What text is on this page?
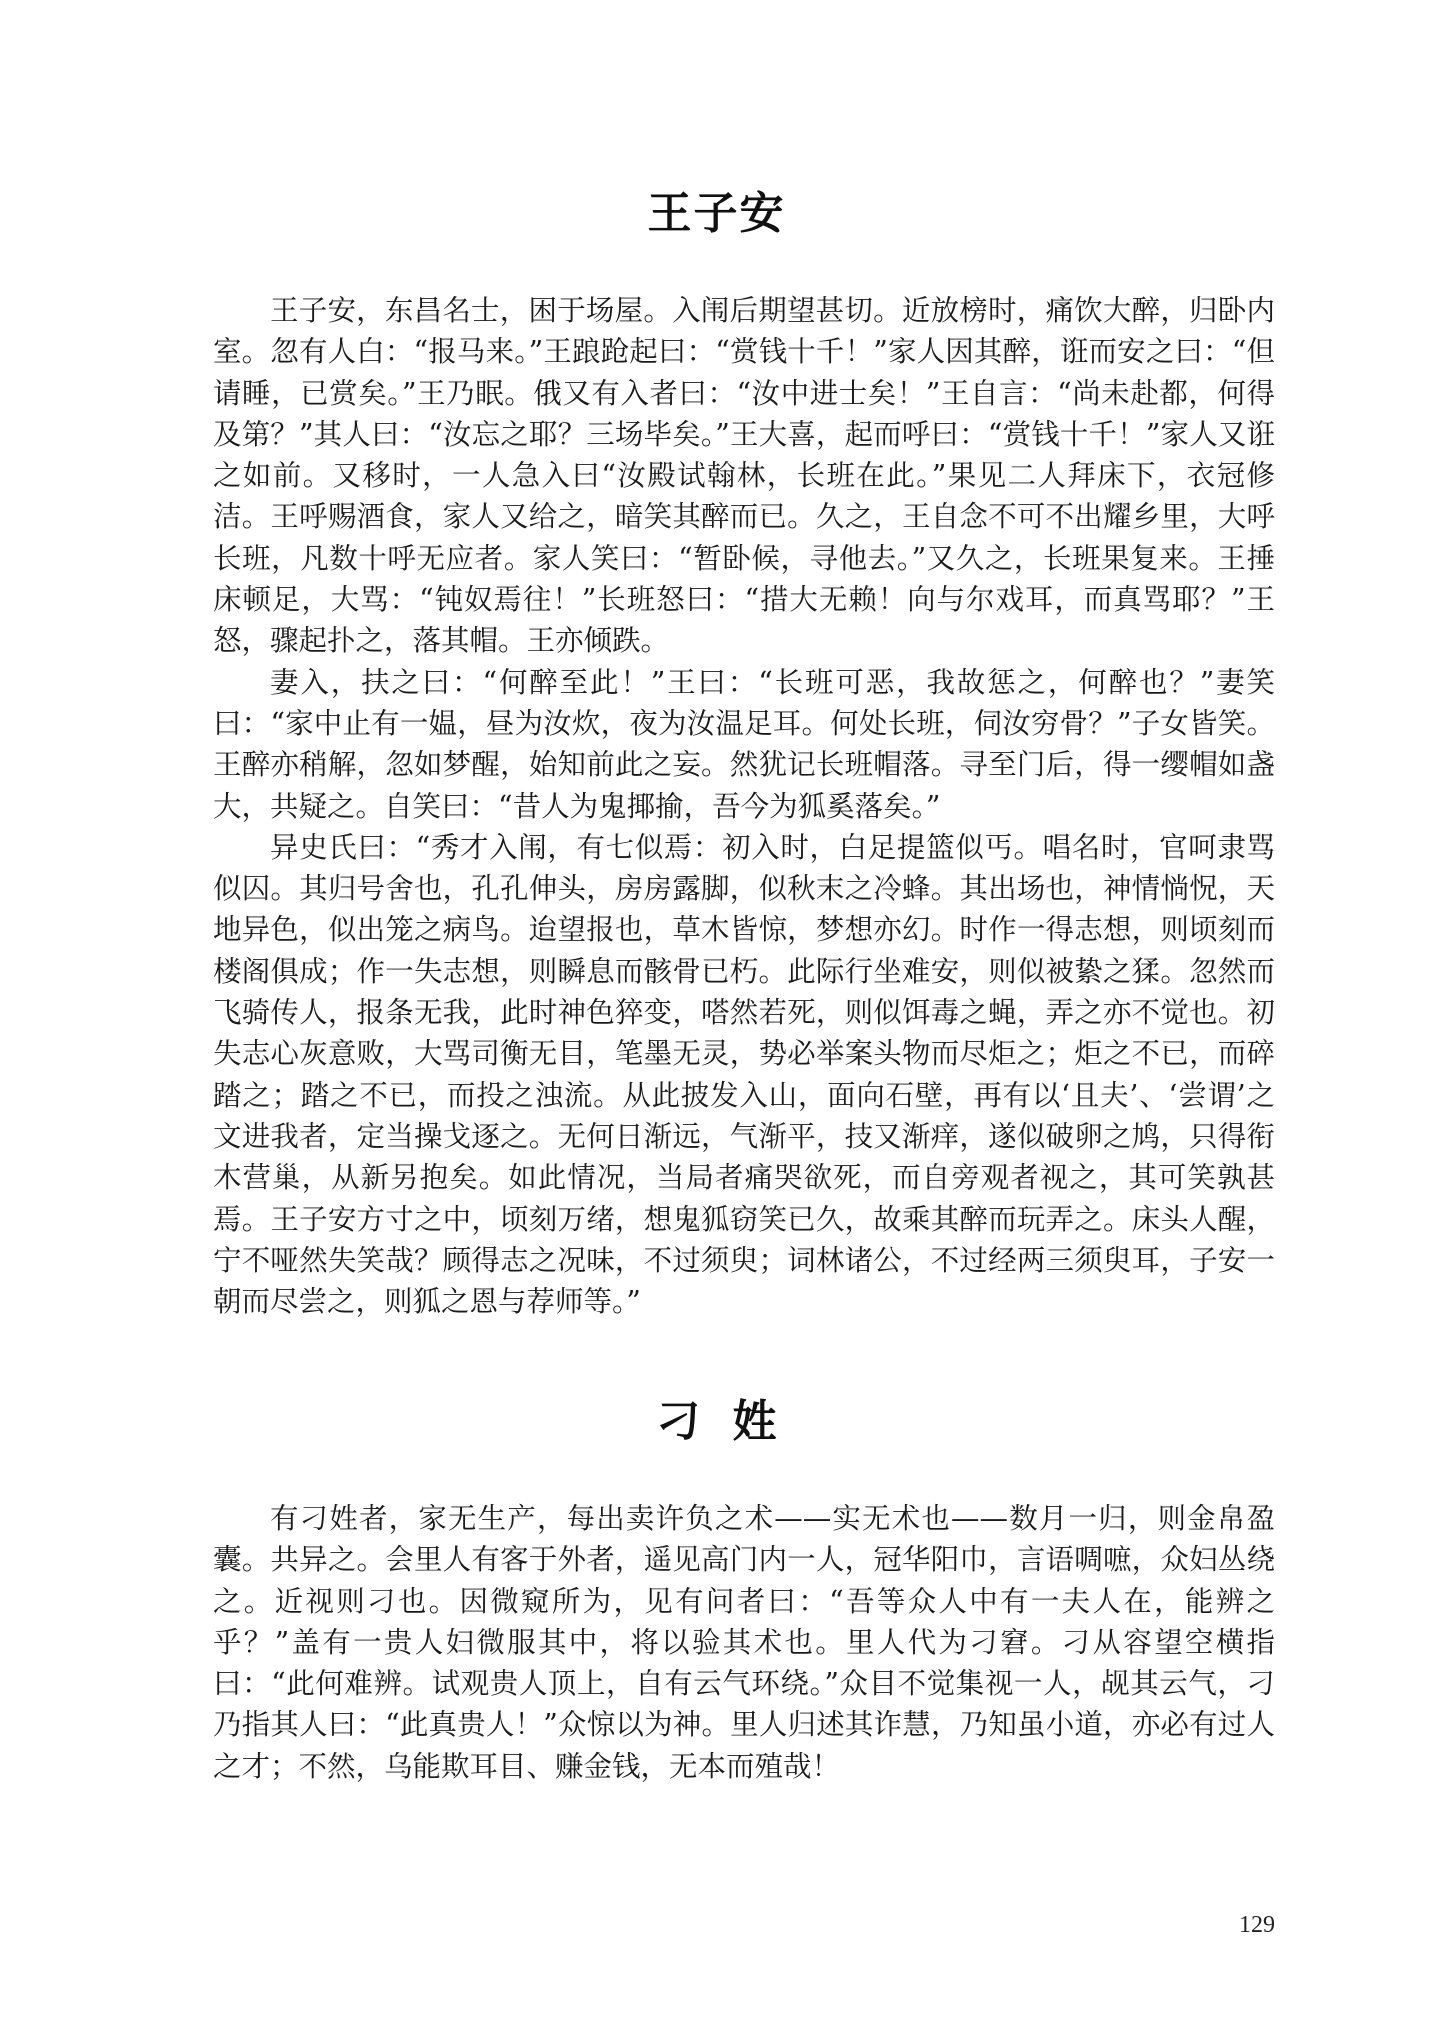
王子安

王子安，东昌名士，困于场屋。入闱后期望甚切。近放榜时，痛饮大醉，归卧内室。忽有人白：“报马来。”王踉跄起曰：“赏钱十千！”家人因其醉，诳而安之曰：“但请睡，已赏矣。”王乃眠。俄又有入者曰：“汝中进士矣！”王自言：“尚未赴都，何得及第？”其人曰：“汝忘之耶？三场毕矣。”王大喜，起而呼曰：“赏钱十千！”家人又诳之如前。又移时，一人急入曰“汝殿试翰林，长班在此。”果见二人拜床下，衣冠修洁。王呼赐酒食，家人又给之，暗笑其醉而已。久之，王自念不可不出耀乡里，大呼长班，凡数十呼无应者。家人笑曰：“暂卧候，寻他去。”又久之，长班果复来。王捶床顿足，大骂：“钝奴焉往！”长班怒曰：“措大无赖！向与尔戏耳，而真骂耶？”王怒，骤起扑之，落其帽。王亦倾跌。

妻入，扶之曰：“何醉至此！”王曰：“长班可恶，我故惩之，何醉也？”妻笑曰：“家中止有一媪，昼为汝炊，夜为汝温足耳。何处长班，伺汝穷骨？”子女皆笑。王醉亦稍解，忽如梦醒，始知前此之妄。然犹记长班帽落。寻至门后，得一缨帽如盏大，共疑之。自笑曰：“昔人为鬼揶揄，吾今为狐奚落矣。”

异史氏曰：“秀才入闱，有七似焉：初入时，白足提篮似丐。唱名时，官呵隶骂似囚。其归号舍也，孔孔伸头，房房露脚，似秋末之冷蜂。其出场也，神情惝怳，天地异色，似出笼之病鸟。迨望报也，草木皆惊，梦想亦幻。时作一得志想，则顷刻而楼阁俱成；作一失志想，则瞬息而骸骨已朽。此际行坐难安，则似被絷之猱。忽然而飞骑传人，报条无我，此时神色猝变，嗒然若死，则似饵毒之蝇，弄之亦不觉也。初失志心灰意败，大骂司衡无目，笔墨无灵，势必举案头物而尽炬之；炬之不已，而碎踏之；踏之不已，而投之浊流。从此披发入山，面向石壁，再有以‘且夫’、‘尝谓’之文进我者，定当操戈逐之。无何日渐远，气渐平，技又渐痒，遂似破卵之鸠，只得衔木营巢，从新另抱矣。如此情况，当局者痛哭欲死，而自旁观者视之，其可笑孰甚焉。王子安方寸之中，顷刻万绪，想鬼狐窃笑已久，故乘其醉而玩弄之。床头人醒，宁不哑然失笑哉？顾得志之况味，不过须臾；词林诸公，不过经两三须臾耳，子安一朝而尽尝之，则狐之恩与荐师等。”

刁姓

有刁姓者，家无生产，每出卖许负之术——实无术也——数月一归，则金帛盈囊。共异之。会里人有客于外者，遥见高门内一人，冠华阳巾，言语啁嗻，众妇丛绕之。近视则刁也。因微窥所为，见有问者曰：“吾等众人中有一夫人在，能辨之乎？”盖有一贵人妇微服其中，将以验其术也。里人代为刁窘。刁从容望空横指曰：“此何难辨。试观贵人顶上，自有云气环绕。”众目不觉集视一人，觇其云气，刁乃指其人曰：“此真贵人！”众惊以为神。里人归述其诈慧，乃知虽小道，亦必有过人之才；不然，乌能欺耳目、赚金钱，无本而殖哉！

129
